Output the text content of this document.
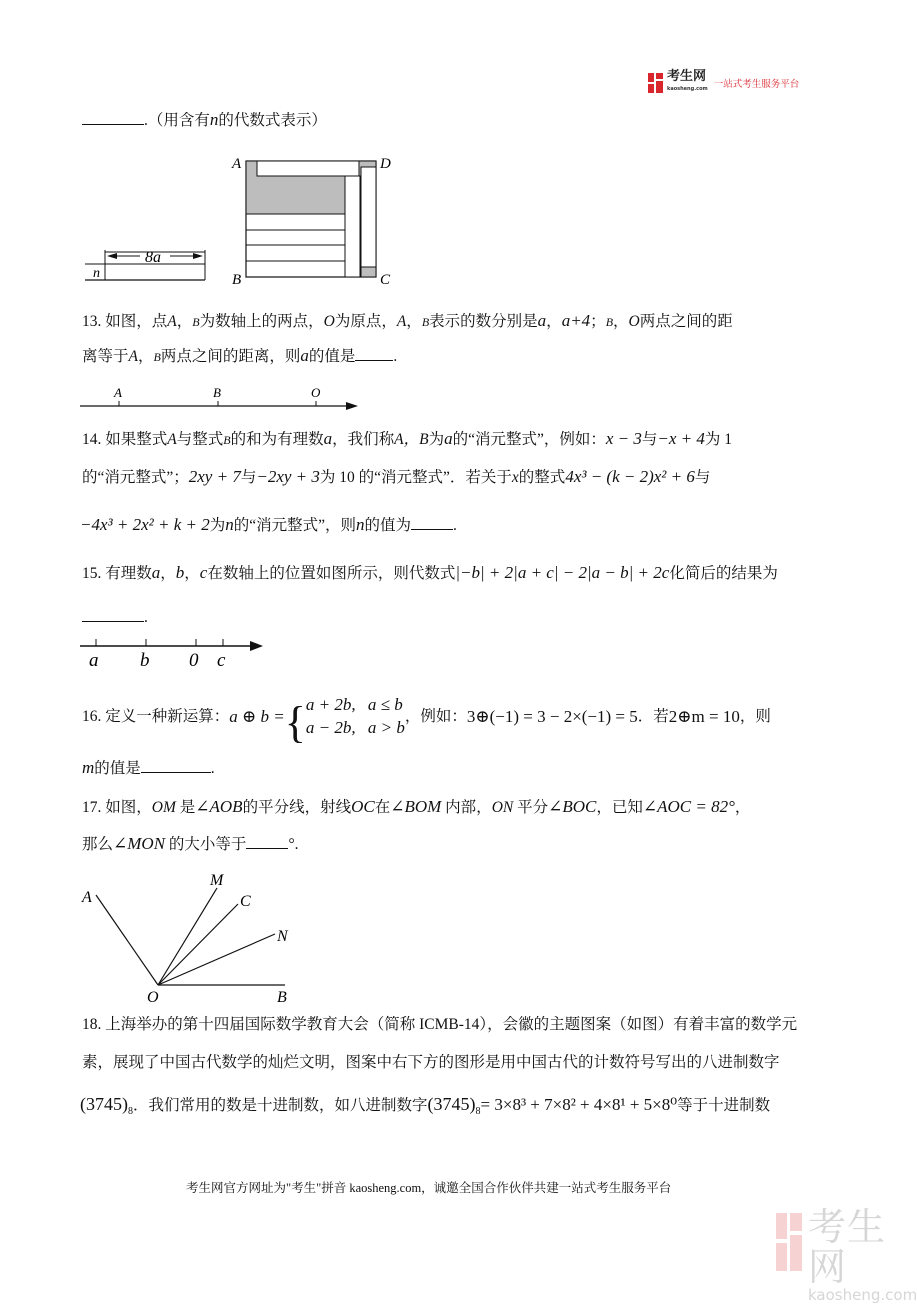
考生网
kaosheng.com 一站式考生服务平台
.（用含有n的代数式表示）
8a
n
A	D
B	C
13. 如图，点A，B为数轴上的两点，O为原点，A，B表示的数分别是a，a+4；B，O两点之间的距
离等于A，B两点之间的距离，则a的值是 .
A	B	O
14. 如果整式A与整式B的和为有理数a，我们称A，B为a的“消元整式”，例如：x − 3与−x + 4为 1
的“消元整式”；2xy + 7与−2xy + 3为 10 的“消元整式”．若关于x的整式4x³ − (k − 2)x² + 6与
−4x³ + 2x² + k + 2为n的“消元整式”，则n的值为	.
15. 有理数a，b，c在数轴上的位置如图所示，则代数式|−b| + 2|a + c| − 2|a − b| + 2c化简后的结果为
.
a b 0 c
16.
定义一种新运算： a ⊕ b = { a + 2b, a ≤ b
a − 2b, a > b
，例如： 3⊕(−1) = 3 − 2×(−1) = 5 ．若 2⊕m = 10 ，则
m的值是	.
17. 如图，OM 是∠AOB的平分线，射线OC在∠BOM 内部，ON 平分∠BOC，已知∠AOC = 82°，
那么∠MON 的大小等于	°.
A
M
C
N
O	B
18. 上海举办的第十四届国际数学教育大会（简称 ICMB-14），会徽的主题图案（如图）有着丰富的数学元
素，展现了中国古代数学的灿烂文明，图案中右下方的图形是用中国古代的计数符号写出的八进制数字
$(3745)_8$．我们常用的数是十进制数，如八进制数字$(3745)_8= 3\times 8^3 + 7\times 8^2 + 4\times 8^1 + 5\times 8^0$等于十进制数
考生网官方网址为"考生"拼音 kaosheng.com，诚邀全国合作伙伴共建一站式考生服务平台
考生网
kaosheng.com
